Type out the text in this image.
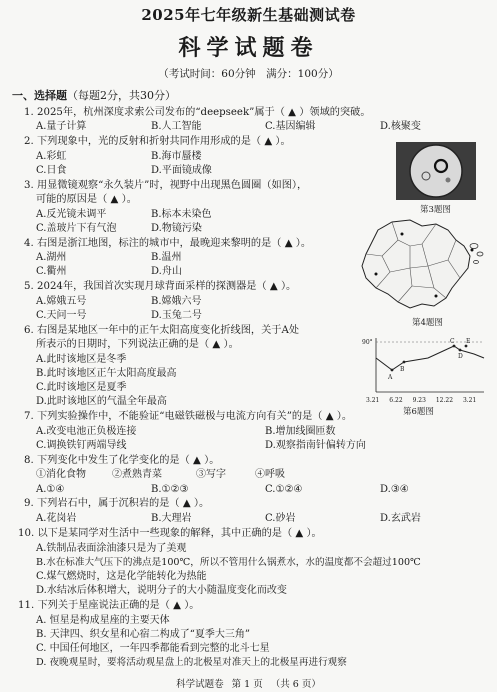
2025年七年级新生基础测试卷
科学试题卷
（考试时间：60分钟　满分：100分）
一、选择题（每题2分，共30分）
1. 2025年，杭州深度求索公司发布的“deepseek”属于（ ▲ ）领域的突破。
A.量子计算	B.人工智能	C.基因编辑	D.核聚变
2. 下列现象中，光的反射和折射共同作用形成的是（ ▲ ）。
A.彩虹	B.海市蜃楼
C.日食	D.平面镜成像
3. 用显微镜观察“永久装片”时，视野中出现黑色圆圈（如图），
可能的原因是（ ▲ ）。
A.反光镜未调平	B.标本未染色
C.盖玻片下有气泡	D.物镜污染
4. 右图是浙江地图，标注的城市中，最晚迎来黎明的是（ ▲ ）。
A.湖州	B.温州
C.衢州	D.舟山
5. 2024年，我国首次实现月球背面采样的探测器是（ ▲ ）。
A.嫦娥五号	B.嫦娥六号
C.天问一号	D.玉兔二号
6. 右图是某地区一年中的正午太阳高度变化折线图，关于A处
所表示的日期时，下列说法正确的是（ ▲ ）。
A.此时该地区是冬季
B.此时该地区正午太阳高度最高
C.此时该地区是夏季
D.此时该地区的气温全年最高
7. 下列实验操作中，不能验证“电磁铁磁极与电流方向有关”的是（ ▲ ）。
A.改变电池正负极连接	B.增加线圈匝数
C.调换铁钉两端导线	D.观察指南针偏转方向
8. 下列变化中发生了化学变化的是（ ▲ ）。
①消化食物	②煮熟青菜	③写字	④呼吸
A.①④	B.①②③	C.①②④	D.③④
9. 下列岩石中，属于沉积岩的是（ ▲ ）。
A.花岗岩	B.大理岩	C.砂岩	D.玄武岩
10. 以下是某同学对生活中一些现象的解释，其中正确的是（ ▲ ）。
A.铁制品表面涂油漆只是为了美观
B.水在标准大气压下的沸点是100℃，所以不管用什么锅煮水，水的温度都不会超过100℃
C.煤气燃烧时，这是化学能转化为热能
D.水结冰后体积增大，说明分子的大小随温度变化而改变
11. 下列关于星座说法正确的是（ ▲ ）。
A. 恒星是构成星座的主要天体
B. 天津四、织女星和心宿二构成了“夏季大三角”
C. 中国任何地区，一年四季都能看到完整的北斗七星
D. 夜晚观星时，要将活动观星盘上的北极星对准天上的北极星再进行观察
第3题图
第4题图
90°
A
B
C
D
E
3.21 6.22 9.23 12.22 3.21
第6题图
科学试题卷 第 1 页 （共 6 页）
